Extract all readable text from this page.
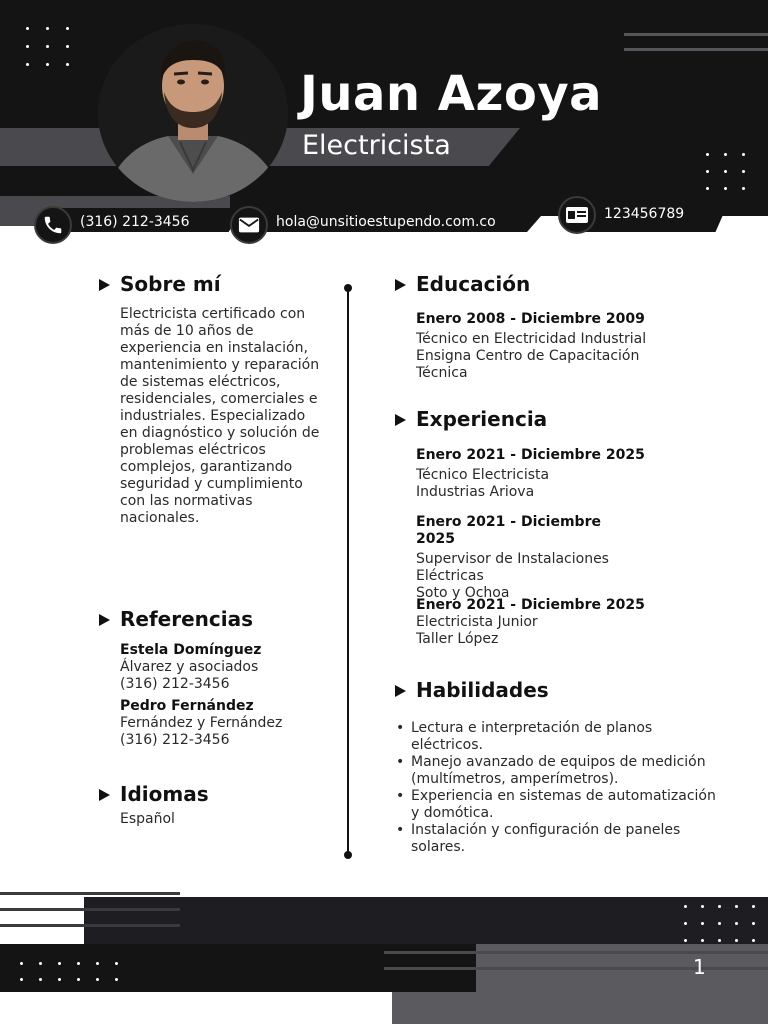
Juan Azoya
Electricista
(316) 212-3456	hola@unsitioestupendo.com.co	123456789
Sobre mí
Electricista certificado con más de 10 años de experiencia en instalación, mantenimiento y reparación de sistemas eléctricos, residenciales, comerciales e industriales. Especializado en diagnóstico y solución de problemas eléctricos complejos, garantizando seguridad y cumplimiento con las normativas nacionales.
Referencias
Estela Domínguez
Álvarez y asociados
(316) 212-3456
Pedro Fernández
Fernández y Fernández
(316) 212-3456
Idiomas
Español
Educación
Enero 2008 - Diciembre 2009
Técnico en Electricidad Industrial
Ensigna Centro de Capacitación Técnica
Experiencia
Enero 2021 - Diciembre 2025
Técnico Electricista
Industrias Ariova
Enero 2021 - Diciembre 2025
Supervisor de Instalaciones Eléctricas
Soto y Ochoa
Enero 2021 - Diciembre 2025
Electricista Junior
Taller López
Habilidades
• Lectura e interpretación de planos eléctricos.
• Manejo avanzado de equipos de medición (multímetros, amperímetros).
• Experiencia en sistemas de automatización y domótica.
• Instalación y configuración de paneles solares.
1
